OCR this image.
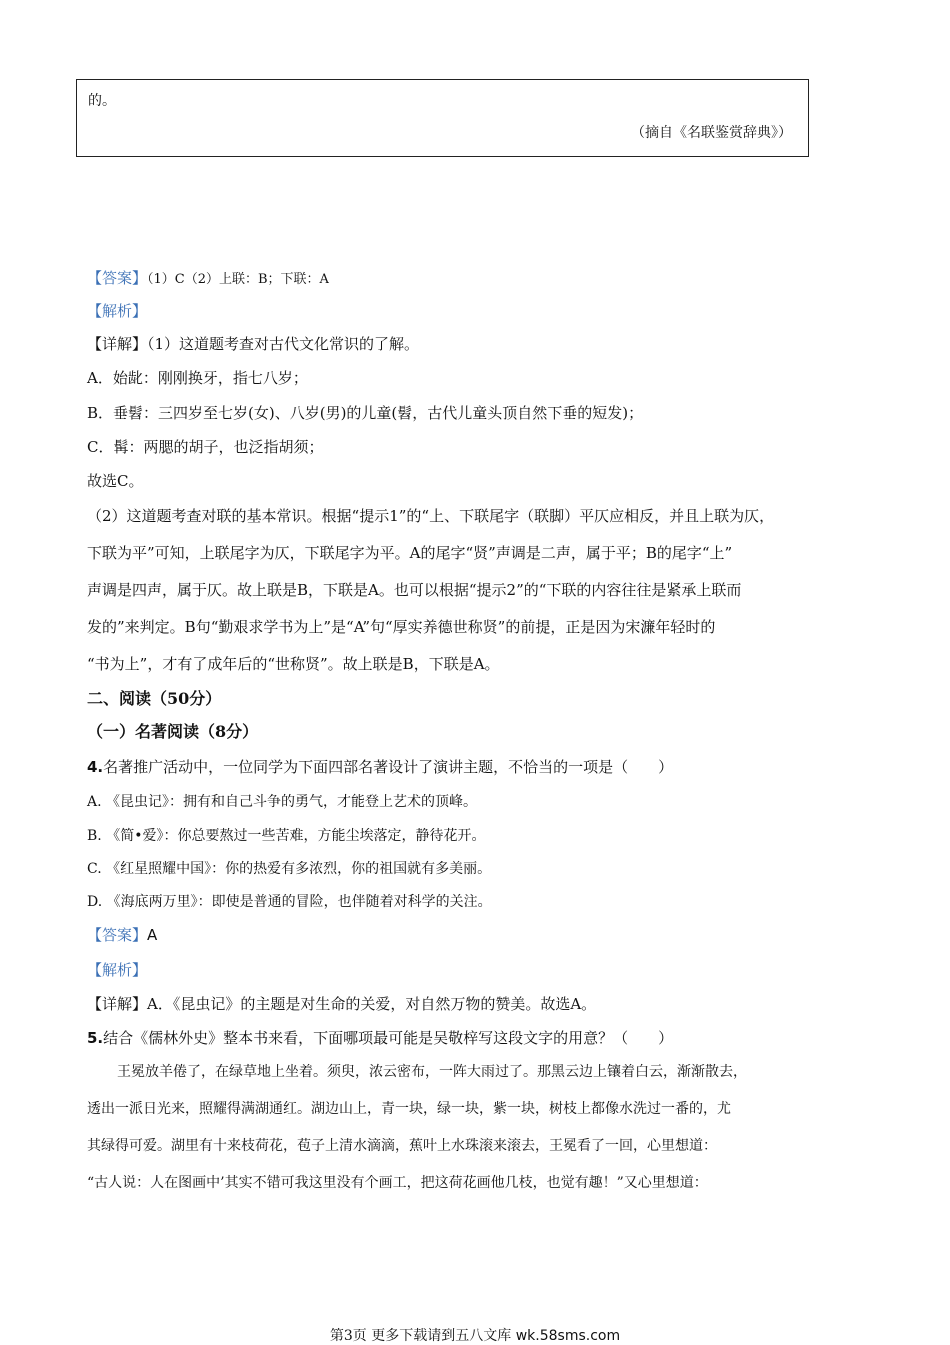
的。
（摘自《名联鉴赏辞典》）
【答案】（1）C（2）上联：B；下联：A
【解析】
【详解】（1）这道题考查对古代文化常识的了解。
A．始龀：刚刚换牙，指七八岁；
B．垂髫：三四岁至七岁(女)、八岁(男)的儿童(髫，古代儿童头顶自然下垂的短发)；
C．髯：两腮的胡子，也泛指胡须；
故选C。
（2）这道题考查对联的基本常识。根据“提示1”的“上、下联尾字（联脚）平仄应相反，并且上联为仄，
下联为平”可知，上联尾字为仄，下联尾字为平。A的尾字“贤”声调是二声，属于平；B的尾字“上”
声调是四声，属于仄。故上联是B，下联是A。也可以根据“提示2”的“下联的内容往往是紧承上联而
发的”来判定。B句“勤艰求学书为上”是“A”句“厚实养德世称贤”的前提，正是因为宋濂年轻时的
“书为上”，才有了成年后的“世称贤”。故上联是B，下联是A。
二、阅读（50分）
（一）名著阅读（8分）
4.名著推广活动中，一位同学为下面四部名著设计了演讲主题，不恰当的一项是（　　）
A. 《昆虫记》：拥有和自己斗争的勇气，才能登上艺术的顶峰。
B. 《简•爱》：你总要熬过一些苦难，方能尘埃落定，静待花开。
C. 《红星照耀中国》：你的热爱有多浓烈，你的祖国就有多美丽。
D. 《海底两万里》：即使是普通的冒险，也伴随着对科学的关注。
【答案】A
【解析】
【详解】A．《昆虫记》的主题是对生命的关爱，对自然万物的赞美。故选A。
5.结合《儒林外史》整本书来看，下面哪项最可能是吴敬梓写这段文字的用意？（　　）
王冕放羊倦了，在绿草地上坐着。须臾，浓云密布，一阵大雨过了。那黑云边上镶着白云，渐渐散去，
透出一派日光来，照耀得满湖通红。湖边山上，青一块，绿一块，紫一块，树枝上都像水洗过一番的，尤
其绿得可爱。湖里有十来枝荷花，苞子上清水滴滴，蕉叶上水珠滚来滚去，王冕看了一回，心里想道：
“古人说：人在图画中’其实不错可我这里没有个画工，把这荷花画他几枝，也觉有趣！”又心里想道：
第3页 更多下载请到五八文库 wk.58sms.com
